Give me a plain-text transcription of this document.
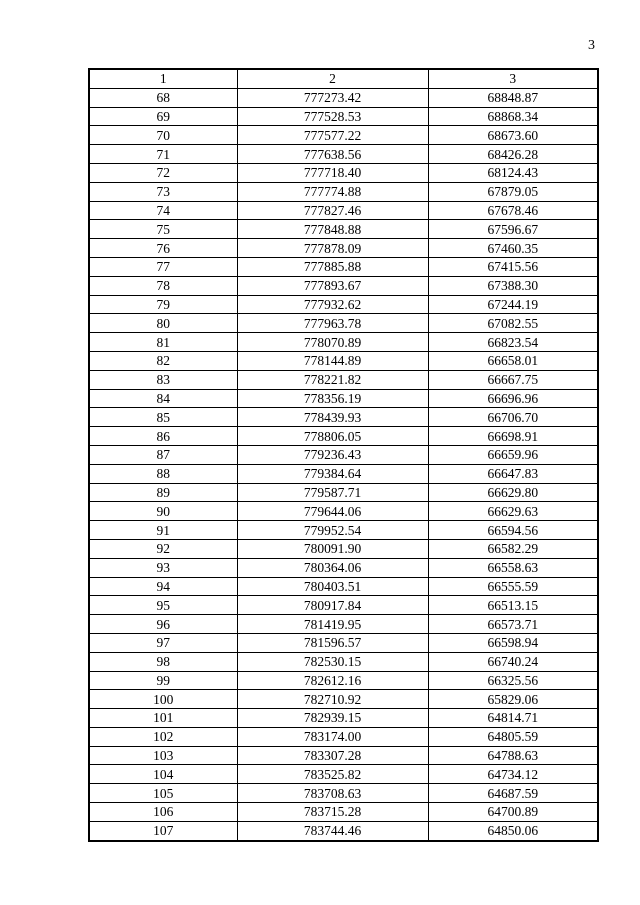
3
1	2	3
68	777273.42	68848.87
69	777528.53	68868.34
70	777577.22	68673.60
71	777638.56	68426.28
72	777718.40	68124.43
73	777774.88	67879.05
74	777827.46	67678.46
75	777848.88	67596.67
76	777878.09	67460.35
77	777885.88	67415.56
78	777893.67	67388.30
79	777932.62	67244.19
80	777963.78	67082.55
81	778070.89	66823.54
82	778144.89	66658.01
83	778221.82	66667.75
84	778356.19	66696.96
85	778439.93	66706.70
86	778806.05	66698.91
87	779236.43	66659.96
88	779384.64	66647.83
89	779587.71	66629.80
90	779644.06	66629.63
91	779952.54	66594.56
92	780091.90	66582.29
93	780364.06	66558.63
94	780403.51	66555.59
95	780917.84	66513.15
96	781419.95	66573.71
97	781596.57	66598.94
98	782530.15	66740.24
99	782612.16	66325.56
100	782710.92	65829.06
101	782939.15	64814.71
102	783174.00	64805.59
103	783307.28	64788.63
104	783525.82	64734.12
105	783708.63	64687.59
106	783715.28	64700.89
107	783744.46	64850.06
